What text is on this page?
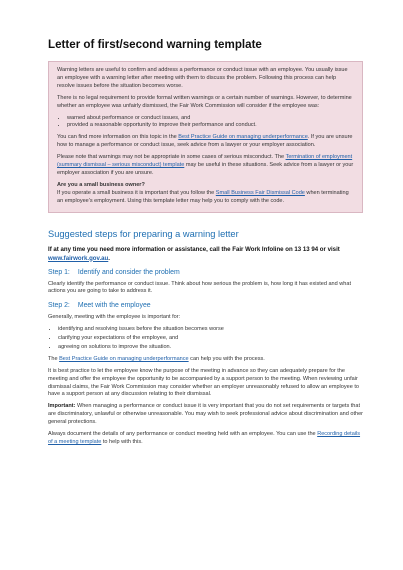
Letter of first/second warning template

Warning letters are useful to confirm and address a performance or conduct issue with an employee. You usually issue an employee with a warning letter after meeting with them to discuss the problem. Following this process can help resolve issues before the situation becomes worse.

There is no legal requirement to provide formal written warnings or a certain number of warnings. However, to determine whether an employee was unfairly dismissed, the Fair Work Commission will consider if the employee was:

• warned about performance or conduct issues, and
• provided a reasonable opportunity to improve their performance and conduct.

You can find more information on this topic in the Best Practice Guide on managing underperformance. If you are unsure how to manage a performance or conduct issue, seek advice from a lawyer or your employer association.

Please note that warnings may not be appropriate in some cases of serious misconduct. The Termination of employment (summary dismissal – serious misconduct) template may be useful in these situations. Seek advice from a lawyer or your employer association if you are unsure.

Are you a small business owner?

If you operate a small business it is important that you follow the Small Business Fair Dismissal Code when terminating an employee's employment. Using this template letter may help you to comply with the code.

Suggested steps for preparing a warning letter

If at any time you need more information or assistance, call the Fair Work Infoline on 13 13 94 or visit www.fairwork.gov.au.

Step 1: Identify and consider the problem

Clearly identify the performance or conduct issue. Think about how serious the problem is, how long it has existed and what actions you are going to take to address it.

Step 2: Meet with the employee

Generally, meeting with the employee is important for:

• identifying and resolving issues before the situation becomes worse
• clarifying your expectations of the employee, and
• agreeing on solutions to improve the situation.

The Best Practice Guide on managing underperformance can help you with the process.

It is best practice to let the employee know the purpose of the meeting in advance so they can adequately prepare for the meeting and offer the employee the opportunity to be accompanied by a support person to the meeting. When reviewing unfair dismissal claims, the Fair Work Commission may consider whether an employer unreasonably refused to allow an employee to have a support person at any discussion relating to their dismissal.

Important: When managing a performance or conduct issue it is very important that you do not set requirements or targets that are discriminatory, unlawful or otherwise unreasonable. You may wish to seek professional advice about discrimination and other general protections.

Always document the details of any performance or conduct meeting held with an employee. You can use the Recording details of a meeting template to help with this.
